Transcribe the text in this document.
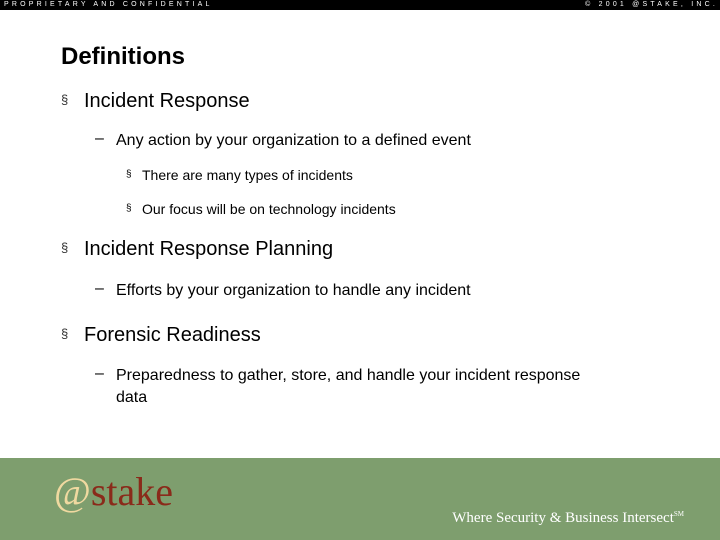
PROPRIETARY AND CONFIDENTIAL	© 2001 @STAKE, INC.
Definitions
§ Incident Response
– Any action by your organization to a defined event
§ There are many types of incidents
§ Our focus will be on technology incidents
§ Incident Response Planning
– Efforts by your organization to handle any incident
§ Forensic Readiness
– Preparedness to gather, store, and handle your incident response
data
@stake
Where Security & Business Intersect℠
